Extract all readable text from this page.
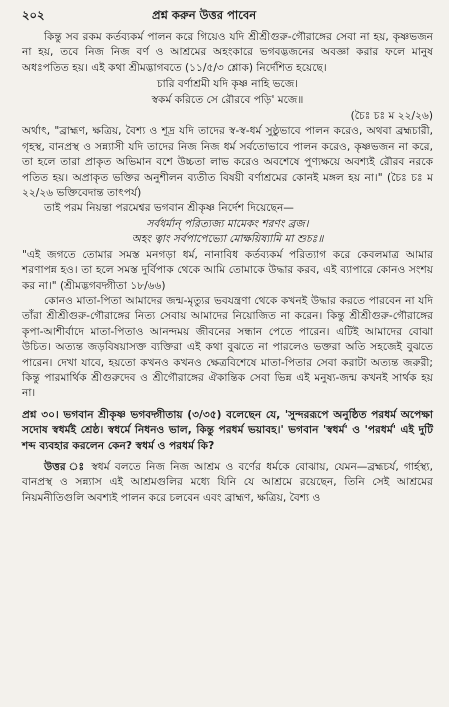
২০২	প্রশ্ন করুন উত্তর পাবেন

কিন্তু সব রকম কর্তব্যকর্ম পালন করে গিয়েও যদি শ্রীশ্রীগুরু-গৌরাঙ্গের সেবা না হয়, কৃষ্ণভজন না হয়, তবে নিজ নিজ বর্ণ ও আশ্রমের অহংকারে ভগবদ্ভজনের অবজ্ঞা করার ফলে মানুষ অধঃপতিত হয়। এই কথা শ্রীমদ্ভাগবতে (১১/৫/৩ শ্লোক) নির্দেশিত হয়েছে।

চারি বর্ণাশ্রমী যদি কৃষ্ণ নাহি ভজে।
স্বকর্ম করিতে সে রৌরবে পড়ি' মজে॥

(চৈঃ চঃ ম ২২/২৬)

অর্থাৎ, "ব্রাহ্মণ, ক্ষত্রিয়, বৈশ্য ও শূদ্র যদি তাদের স্ব-স্ব-ধর্ম সুষ্ঠুভাবে পালন করেও, অথবা ব্রহ্মচারী, গৃহস্থ, বানপ্রস্থ ও সন্ন্যাসী যদি তাদের নিজ নিজ ধর্ম সর্বতোভাবে পালন করেও, কৃষ্ণভজন না করে, তা হলে তারা প্রাকৃত অভিমান বশে উচ্চতা লাভ করেও অবশেষে পুণ্যক্ষয়ে অবশ্যই রৌরব নরকে পতিত হয়। অপ্রাকৃত ভক্তির অনুশীলন ব্যতীত বিষয়ী বর্ণাশ্রমের কোনই মঙ্গল হয় না।" (চৈঃ চঃ ম ২২/২৬ ভক্তিবেদান্ত তাৎপর্য)

তাই পরম নিয়ন্তা পরমেশ্বর ভগবান শ্রীকৃষ্ণ নির্দেশ দিয়েছেন—

সর্বধর্মান্‌ পরিত্যজ্য মামেকং শরণং ব্রজ।
অহং ত্বাং সর্বপাপেভ্যো মোক্ষয়িষ্যামি মা শুচঃ॥

"এই জগতে তোমার সমস্ত মনগড়া ধর্ম, নানাবিধ কর্তব্যকর্ম পরিত্যাগ করে কেবলমাত্র আমার শরণাপন্ন হও। তা হলে সমস্ত দুর্বিপাক থেকে আমি তোমাকে উদ্ধার করব, এই ব্যাপারে কোনও সংশয় কর না।" (শ্রীমদ্ভগবদ্গীতা ১৮/৬৬)

কোনও মাতা-পিতা আমাদের জন্ম-মৃত্যুর ভবযন্ত্রণা থেকে কখনই উদ্ধার করতে পারবেন না যদি তাঁরা শ্রীশ্রীগুরু-গৌরাঙ্গের নিত্য সেবায় আমাদের নিয়োজিত না করেন। কিন্তু শ্রীশ্রীগুরু-গৌরাঙ্গের কৃপা-আশীর্বাদে মাতা-পিতাও আনন্দময় জীবনের সন্ধান পেতে পারেন। এটিই আমাদের বোঝা উচিত। অত্যন্ত জড়বিষয়াসক্ত ব্যক্তিরা এই কথা বুঝতে না পারলেও ভক্তরা অতি সহজেই বুঝতে পারেন। দেখা যাবে, হয়তো কখনও কখনও ক্ষেত্রবিশেষে মাতা-পিতার সেবা করাটা অত্যন্ত জরুরী; কিন্তু পারমার্থিক শ্রীগুরুদেব ও শ্রীগৌরাঙ্গের ঐকান্তিক সেবা ভিন্ন এই মনুষ্য-জন্ম কখনই সার্থক হয় না।

প্রশ্ন ৩০। ভগবান শ্রীকৃষ্ণ ভগবদ্গীতায় (৩/৩৫) বলেছেন যে, 'সুন্দররূপে অনুষ্ঠিত পরধর্ম অপেক্ষা সদোষ স্বধর্মই শ্রেষ্ঠ। স্বধর্মে নিধনও ভাল, কিন্তু পরধর্ম ভয়াবহ।' ভগবান 'স্বধর্ম' ও 'পরধর্ম' এই দুটি শব্দ ব্যবহার করলেন কেন? স্বধর্ম ও পরধর্ম কি?

উত্তর ঃ স্বধর্ম বলতে নিজ নিজ আশ্রম ও বর্ণের ধর্মকে বোঝায়, যেমন—ব্রহ্মচর্য, গার্হস্থ্য, বানপ্রস্থ ও সন্ন্যাস এই আশ্রমগুলির মধ্যে যিনি যে আশ্রমে রয়েছেন, তিনি সেই আশ্রমের নিয়মনীতিগুলি অবশ্যই পালন করে চলবেন এবং ব্রাহ্মণ, ক্ষত্রিয়, বৈশ্য ও
